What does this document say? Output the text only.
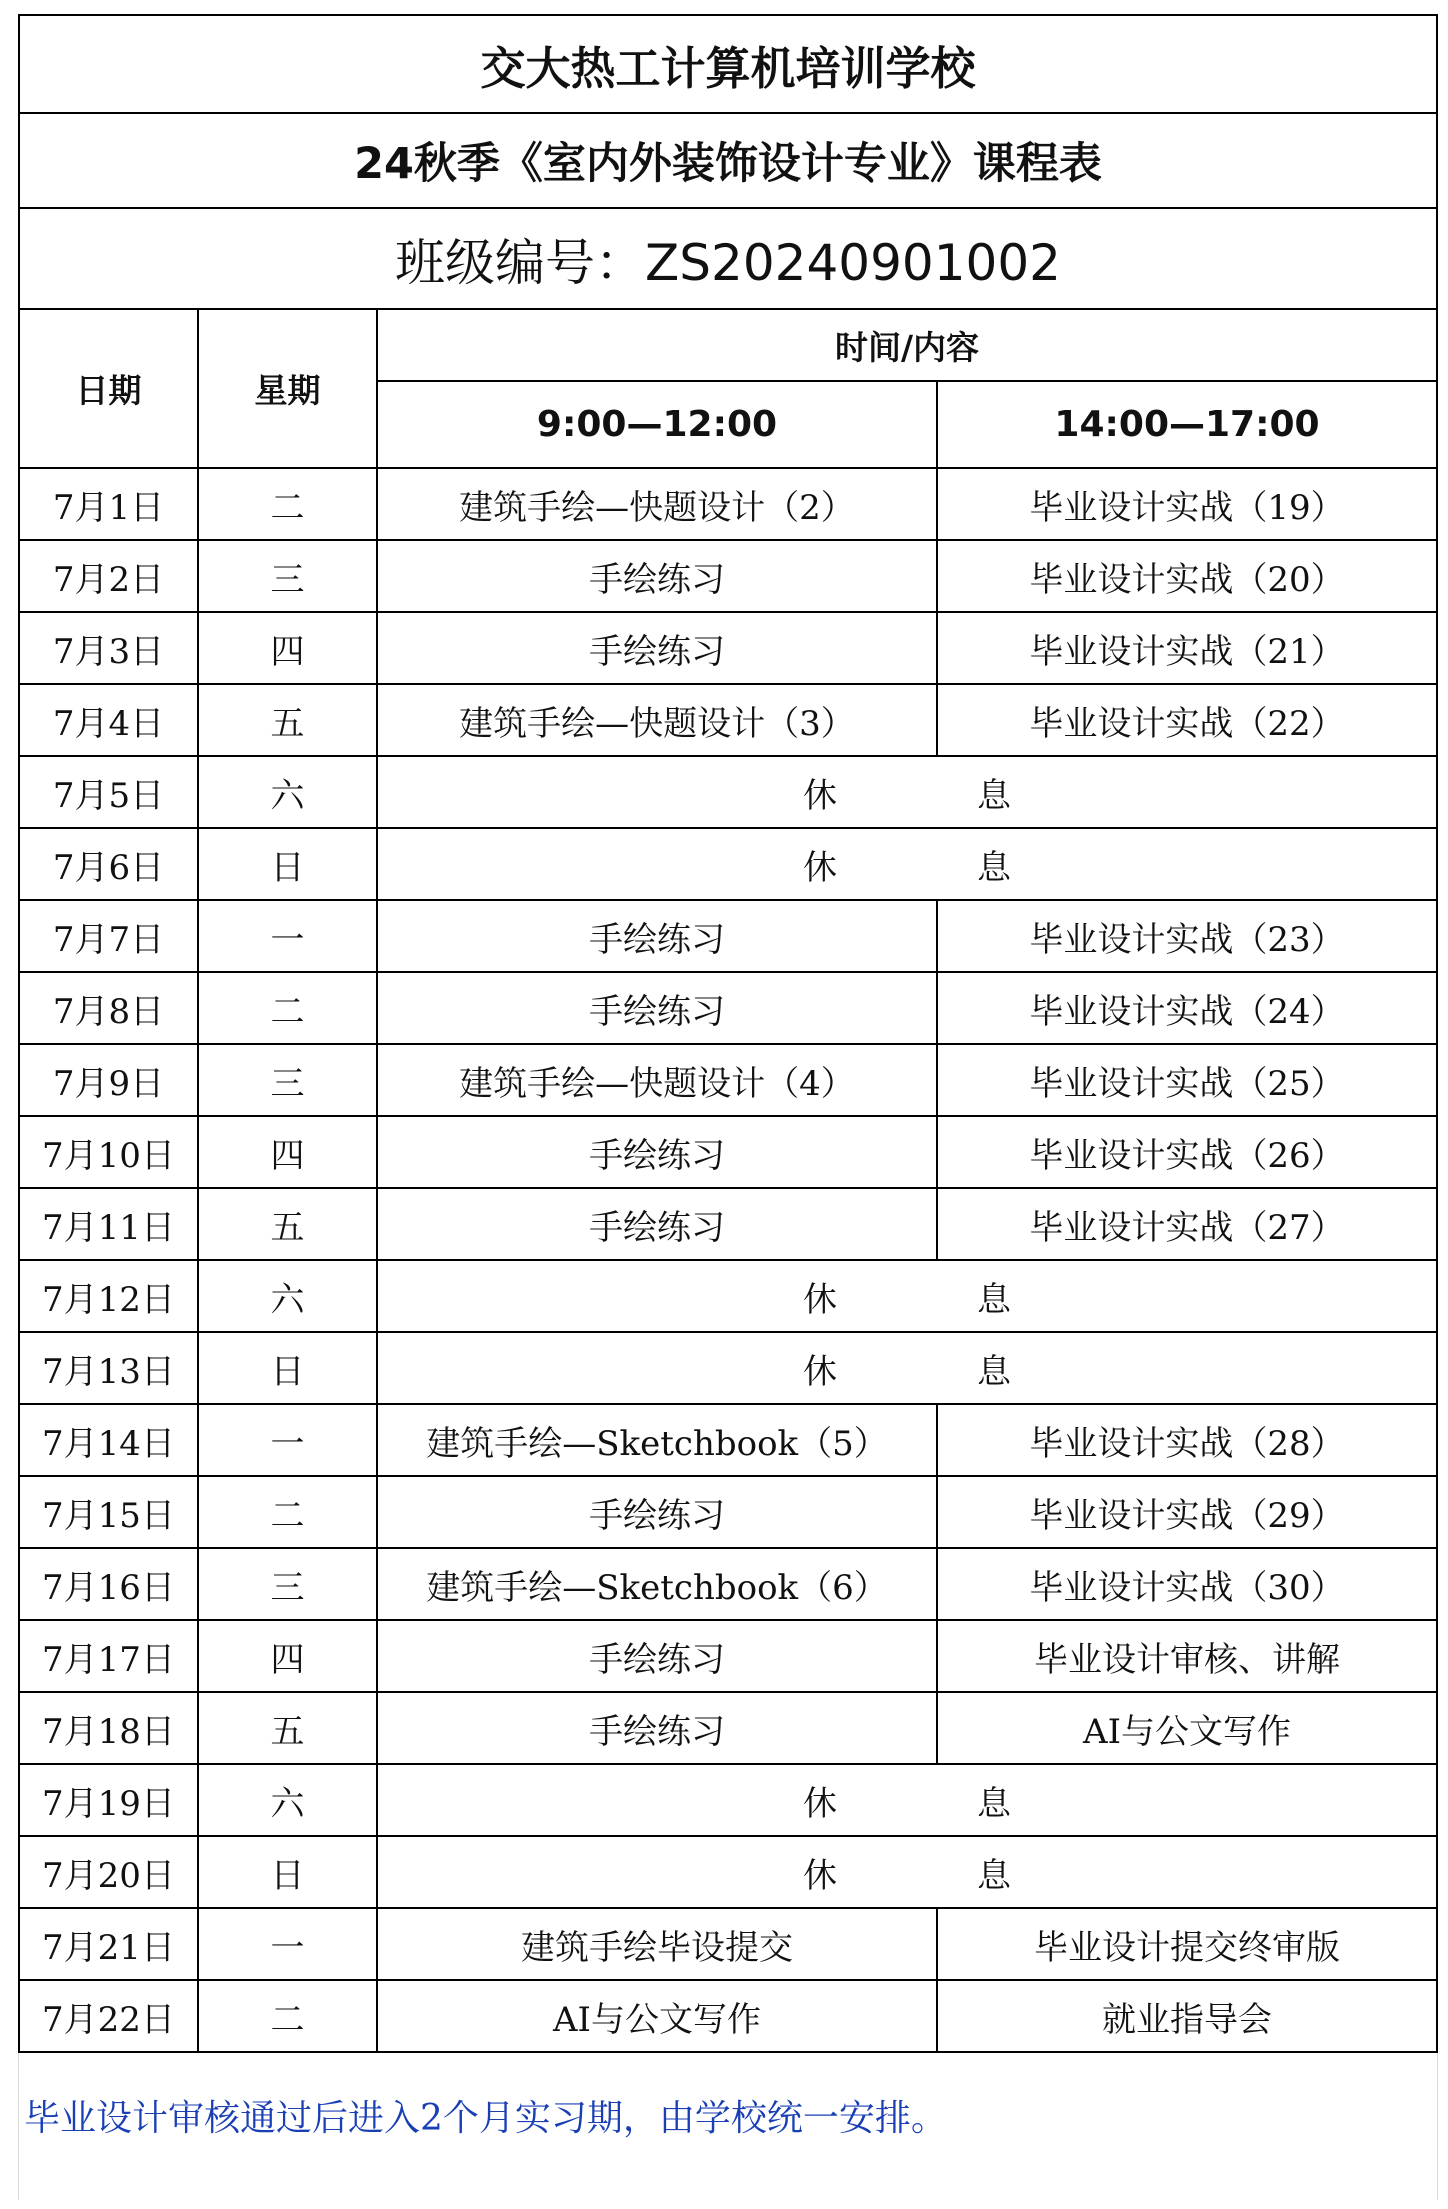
交大热工计算机培训学校			
24秋季《室内外装饰设计专业》课程表			
班级编号：ZS20240901002			
日期	星期	时间/内容	
		9:00—12:00	14:00—17:00
7月1日	二	建筑手绘—快题设计（2）	毕业设计实战（19）
7月2日	三	手绘练习	毕业设计实战（20）
7月3日	四	手绘练习	毕业设计实战（21）
7月4日	五	建筑手绘—快题设计（3）	毕业设计实战（22）
7月5日	六	休 息	
7月6日	日	休 息	
7月7日	一	手绘练习	毕业设计实战（23）
7月8日	二	手绘练习	毕业设计实战（24）
7月9日	三	建筑手绘—快题设计（4）	毕业设计实战（25）
7月10日	四	手绘练习	毕业设计实战（26）
7月11日	五	手绘练习	毕业设计实战（27）
7月12日	六	休 息	
7月13日	日	休 息	
7月14日	一	建筑手绘—Sketchbook（5）	毕业设计实战（28）
7月15日	二	手绘练习	毕业设计实战（29）
7月16日	三	建筑手绘—Sketchbook（6）	毕业设计实战（30）
7月17日	四	手绘练习	毕业设计审核、讲解
7月18日	五	手绘练习	AI与公文写作
7月19日	六	休 息	
7月20日	日	休 息	
7月21日	一	建筑手绘毕设提交	毕业设计提交终审版
7月22日	二	AI与公文写作	就业指导会
毕业设计审核通过后进入2个月实习期，由学校统一安排。
